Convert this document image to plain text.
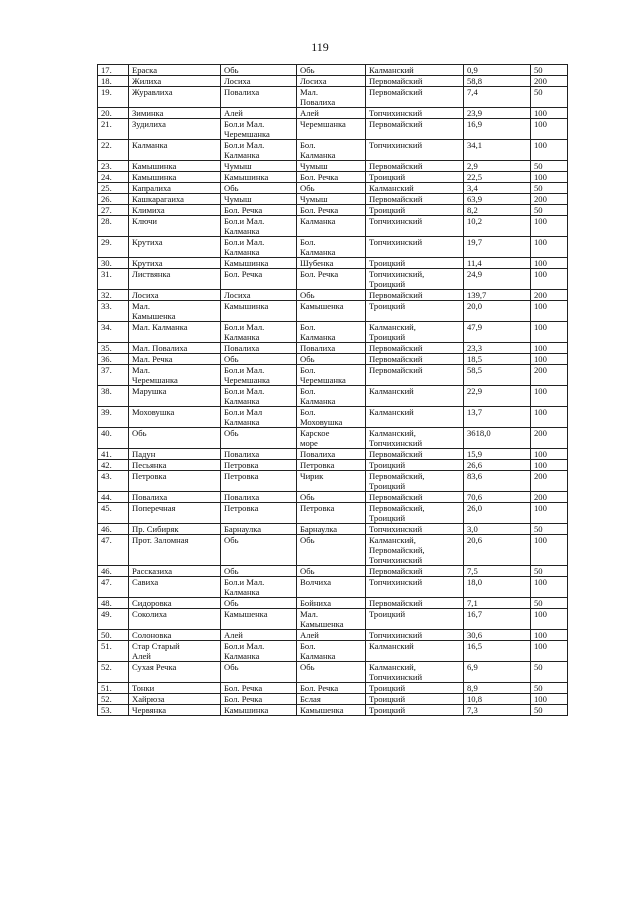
119
17.	Ераска	Обь	Обь	Калманский	0,9	50
18.	Жилиха	Лосиха	Лосиха	Первомайский	58,8	200
19.	Журавлиха	Повалиха	Мал.
Повалиха	Первомайский	7,4	50
20.	Зиминка	Алей	Алей	Топчихинский	23,9	100
21.	Зудилиха	Бол.и Мал.
Черемшанка	Черемшанка	Первомайский	16,9	100
22.	Калманка	Бол.и Мал.
Калманка	Бол.
Калманка	Топчихинский	34,1	100
23.	Камышинка	Чумыш	Чумыш	Первомайский	2,9	50
24.	Камышинка	Камышинка	Бол. Речка	Троицкий	22,5	100
25.	Капралиха	Обь	Обь	Калманский	3,4	50
26.	Кашкарагаиха	Чумыш	Чумыш	Первомайский	63,9	200
27.	Климиха	Бол. Речка	Бол. Речка	Троицкий	8,2	50
28.	Ключи	Бол.и Мал.
Калманка	Калманка	Топчихинский	10,2	100
29.	Крутиха	Бол.и Мал.
Калманка	Бол.
Калманка	Топчихинский	19,7	100
30.	Крутиха	Камышинка	Шубенка	Троицкий	11,4	100
31.	Листвянка	Бол. Речка	Бол. Речка	Топчихинский,
Троицкий	24,9	100
32.	Лосиха	Лосиха	Обь	Первомайский	139,7	200
33.	Мал.
Камышенка	Камышинка	Камышенка	Троицкий	20,0	100
34.	Мал. Калманка	Бол.и Мал.
Калманка	Бол.
Калманка	Калманский,
Троицкий	47,9	100
35.	Мал. Повалиха	Повалиха	Повалиха	Первомайский	23,3	100
36.	Мал. Речка	Обь	Обь	Первомайский	18,5	100
37.	Мал.
Черемшанка	Бол.и Мал.
Черемшанка	Бол.
Черемшанка	Первомайский	58,5	200
38.	Марушка	Бол.и Мал.
Калманка	Бол.
Калманка	Калманский	22,9	100
39.	Моховушка	Бол.и Мал
Калманка	Бол.
Моховушка	Калманский	13,7	100
40.	Обь	Обь	Карское
море	Калманский,
Топчихинский	3618,0	200
41.	Падун	Повалиха	Повалиха	Первомайский	15,9	100
42.	Песьянка	Петровка	Петровка	Троицкий	26,6	100
43.	Петровка	Петровка	Чирик	Первомайский,
Троицкий	83,6	200
44.	Повалиха	Повалиха	Обь	Первомайский	70,6	200
45.	Поперечная	Петровка	Петровка	Первомайский,
Троицкий	26,0	100
46.	Пр. Сибиряк	Барнаулка	Барнаулка	Топчихинский	3,0	50
47.	Прот. Заломная	Обь	Обь	Калманский,
Первомайский,
Топчихинский	20,6	100
46.	Рассказиха	Обь	Обь	Первомайский	7,5	50
47.	Савиха	Бол.и Мал.
Калманка	Волчиха	Топчихинский	18,0	100
48.	Сидоровка	Обь	Бойниха	Первомайский	7,1	50
49.	Соколиха	Камышенка	Мал.
Камышенка	Троицкий	16,7	100
50.	Солоновка	Алей	Алей	Топчихинский	30,6	100
51.	Стар Старый
Алей	Бол.и Мал.
Калманка	Бол.
Калманка	Калманский	16,5	100
52.	Сухая Речка	Обь	Обь	Калманский,
Топчихинский	6,9	50
51.	Тонки	Бол. Речка	Бол. Речка	Троицкий	8,9	50
52.	Хайрюза	Бол. Речка	Бслая	Троицкий	10,8	100
53.	Червянка	Камышинка	Камышенка	Троицкий	7,3	50
